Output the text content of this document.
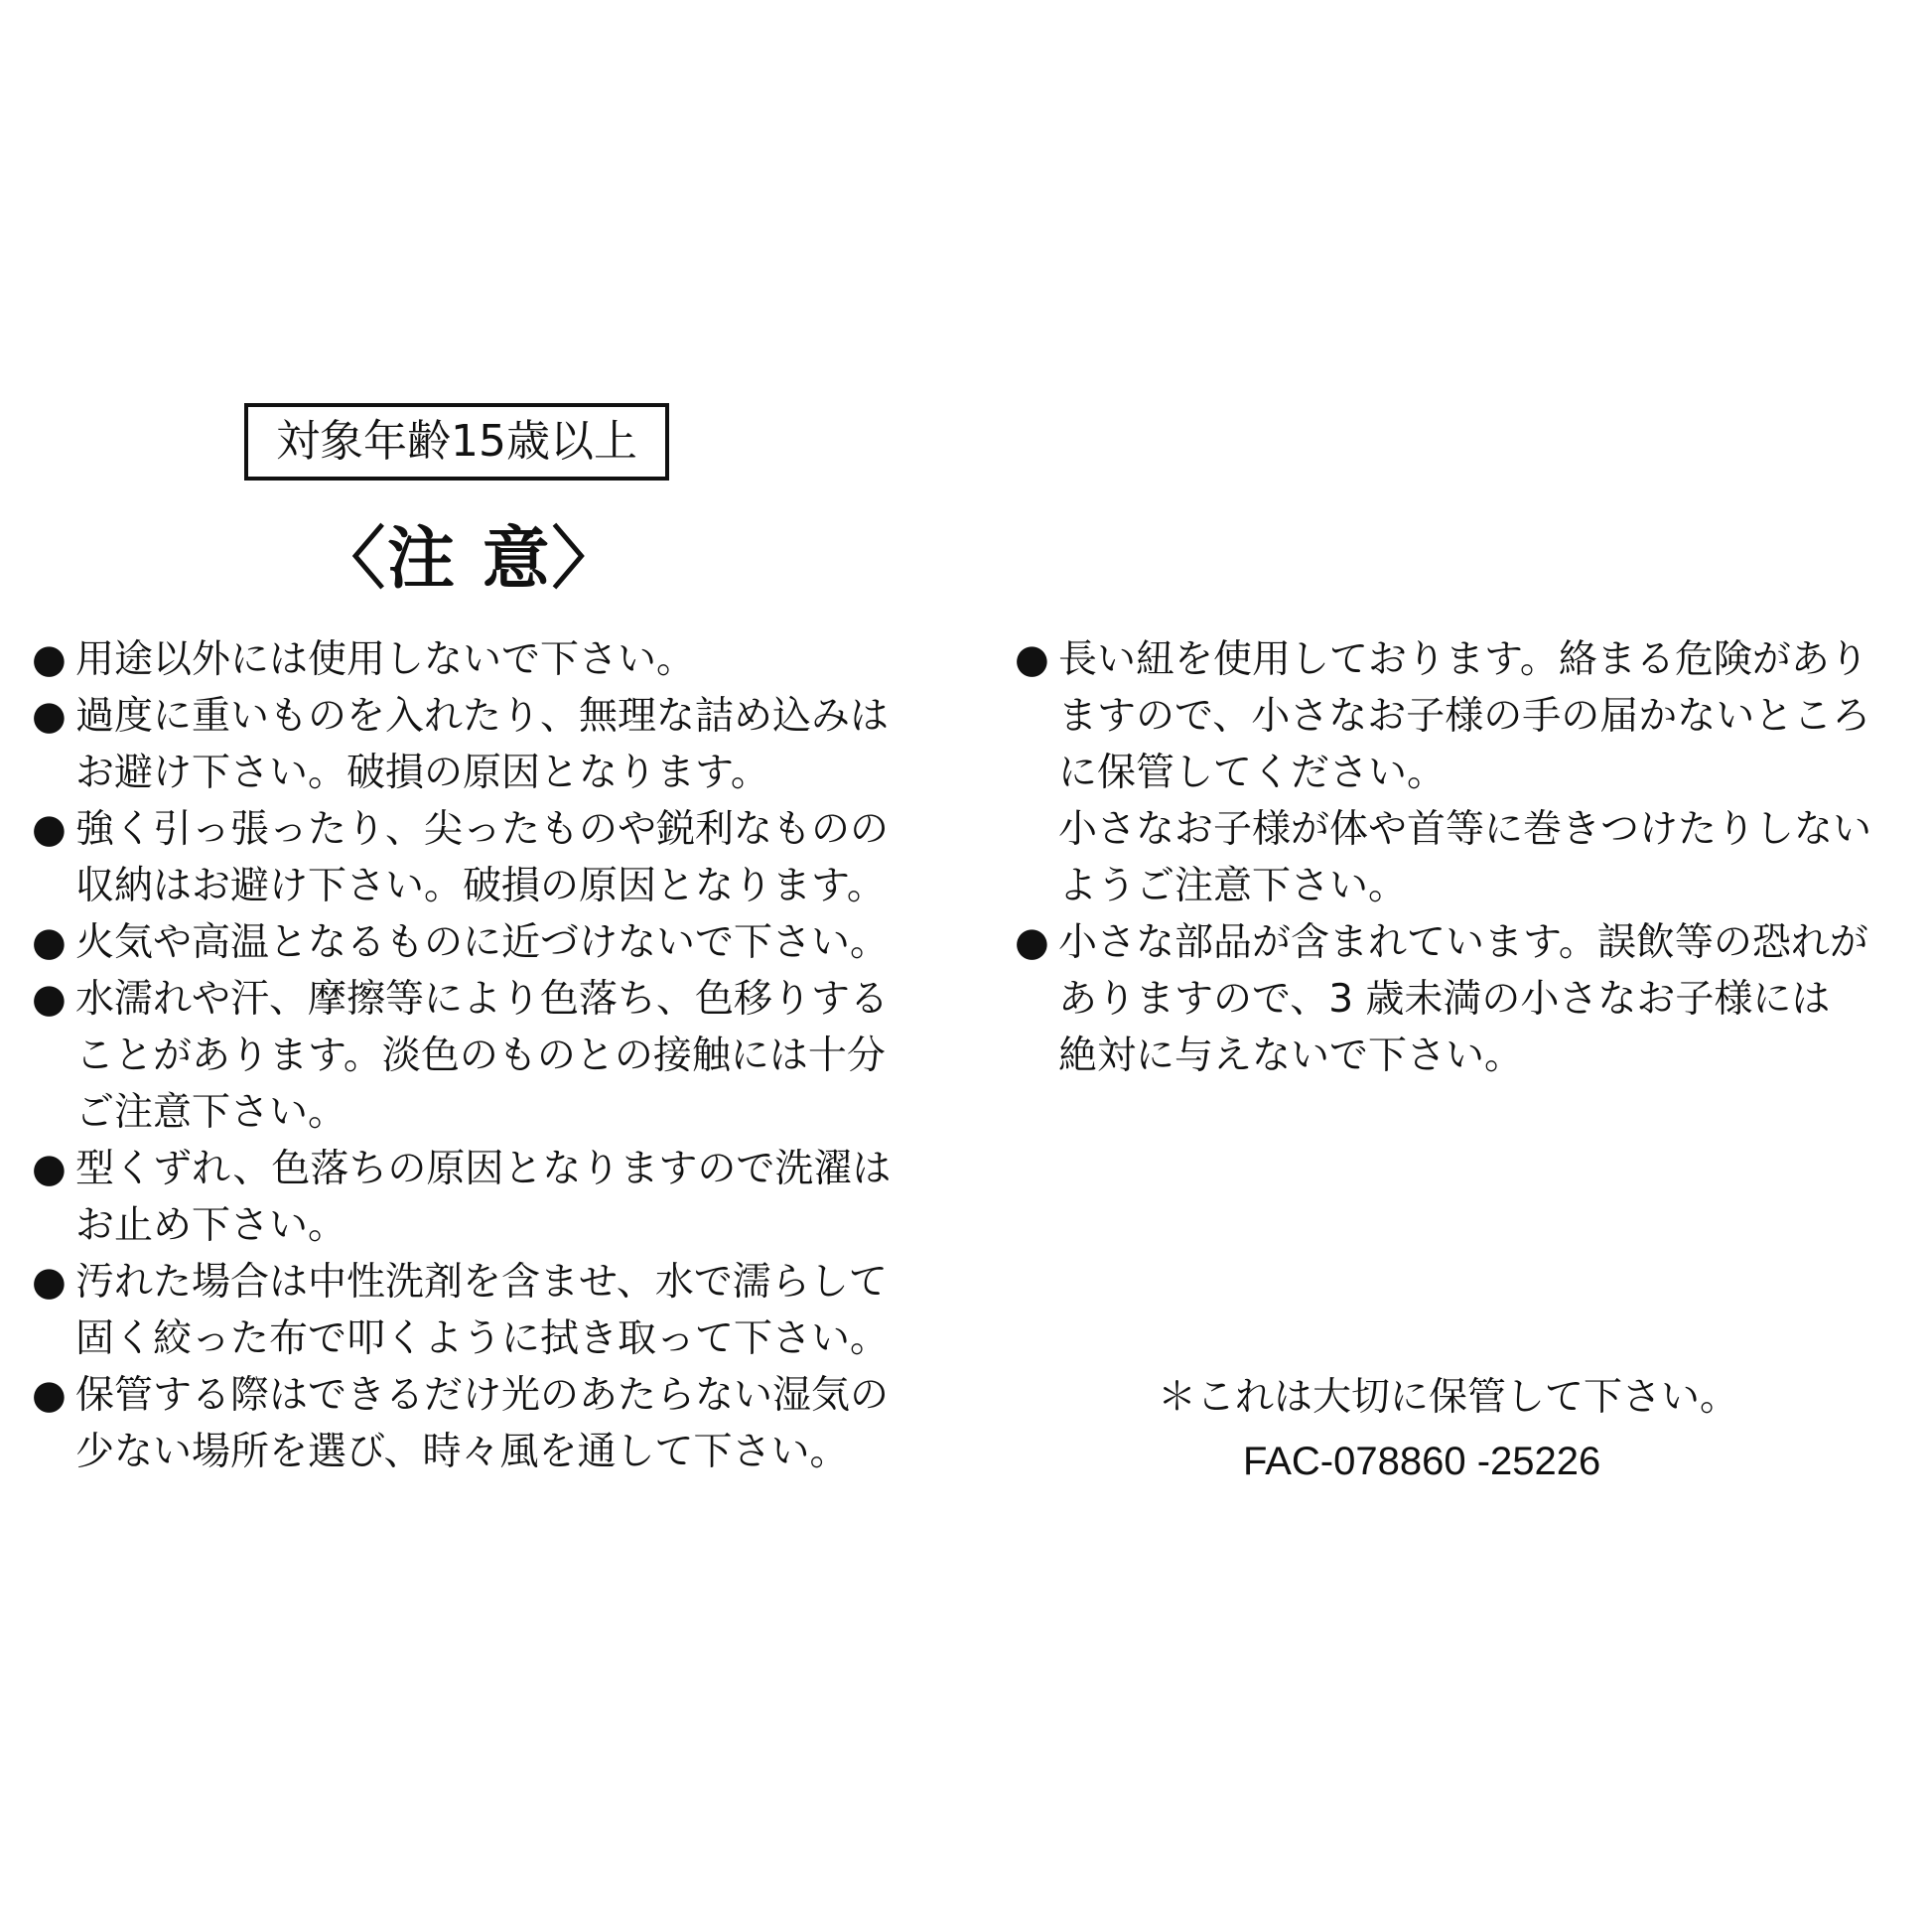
対象年齢15歳以上
〈注 意〉
● 用途以外には使用しないで下さい。
● 過度に重いものを入れたり、無理な詰め込みは
お避け下さい。破損の原因となります。
● 強く引っ張ったり、尖ったものや鋭利なものの
収納はお避け下さい。破損の原因となります。
● 火気や高温となるものに近づけないで下さい。
● 水濡れや汗、摩擦等により色落ち、色移りする
ことがあります。淡色のものとの接触には十分
ご注意下さい。
● 型くずれ、色落ちの原因となりますので洗濯は
お止め下さい。
● 汚れた場合は中性洗剤を含ませ、水で濡らして
固く絞った布で叩くように拭き取って下さい。
● 保管する際はできるだけ光のあたらない湿気の
少ない場所を選び、時々風を通して下さい。
● 長い紐を使用しております。絡まる危険があり
ますので、小さなお子様の手の届かないところ
に保管してください。
小さなお子様が体や首等に巻きつけたりしない
ようご注意下さい。
● 小さな部品が含まれています。誤飲等の恐れが
ありますので、3 歳未満の小さなお子様には
絶対に与えないで下さい。
＊これは大切に保管して下さい。
FAC-078860 -25226
